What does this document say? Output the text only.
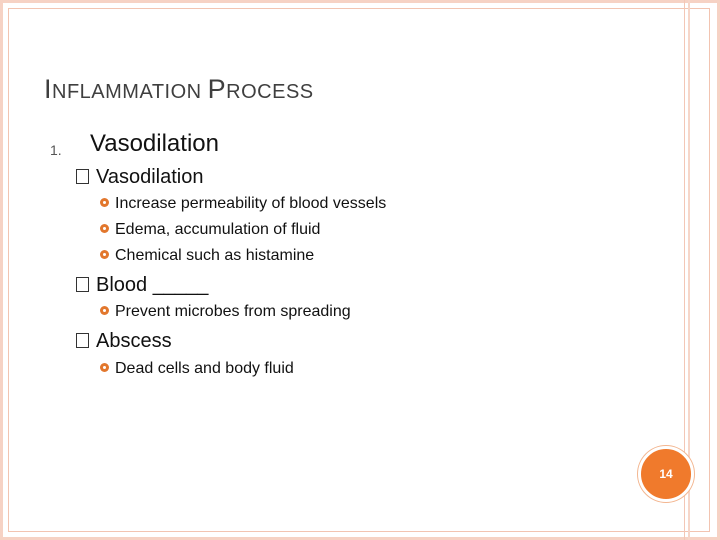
INFLAMMATION PROCESS
1. Vasodilation
Vasodilation
Increase permeability of blood vessels
Edema, accumulation of fluid
Chemical such as histamine
Blood _____
Prevent microbes from spreading
Abscess
Dead cells and body fluid
14
